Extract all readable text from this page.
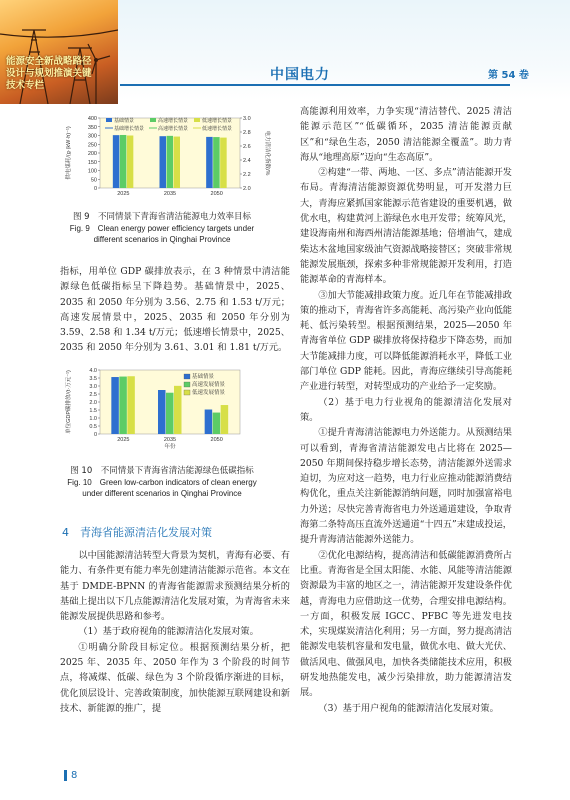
能源安全新战略路径
设计与规划推演关键
技术专栏
中国电力	第 54 卷
0
50
100
150
200
250
300
350
400
供电煤耗/(g·(kW·h)⁻¹)
2025	2035	2050
2.0
2.2
2.4
2.6
2.8
3.0
电力清洁化指数/%
基础情景	高速增长情景	低速增长情景
基础增长情景	高速增长情景	低速增长情景
图 9　不同情景下青海省清洁能源电力效率目标
Fig. 9　Clean energy power efficiency targets under
different scenarios in Qinghai Province

指标，用单位 GDP 碳排放表示，在 3 种情景中清洁能源绿色低碳指标呈下降趋势。基础情景中，2025、2035 和 2050 年分别为 3.56、2.75 和 1.53 t/万元；高速发展情景中，2025、2035 和 2050 年分别为 3.59、2.58 和 1.34 t/万元；低速增长情景中，2025、2035 和 2050 年分别为 3.61、3.01 和 1.81 t/万元。

0
0.5
1.0
1.5
2.0
2.5
3.0
3.5
4.0
单位GDP碳排放/(t·万元⁻¹)
2025	2035	2050
年份
基础情景
高速发展情景
低速发展情景
图 10　不同情景下青海省清洁能源绿色低碳指标
Fig. 10　Green low-carbon indicators of clean energy
under different scenarios in Qinghai Province
4　青海省能源清洁化发展对策

以中国能源清洁转型大背景为契机，青海有必要、有能力、有条件更有能力率先创建清洁能源示范省。本文在基于 DMDE-BPNN 的青海省能源需求预测结果分析的基础上提出以下几点能源清洁化发展对策，为青海省未来能源发展提供思路和参考。

（1）基于政府视角的能源清洁化发展对策。

①明确分阶段目标定位。根据预测结果分析，把 2025 年、2035 年、2050 年作为 3 个阶段的时间节点，将减煤、低碳、绿色为 3 个阶段循序渐进的目标，优化顶层设计、完善政策制度，加快能源互联网建设和新技术、新能源的推广，提

高能源利用效率，力争实现“清洁替代、2025 清洁能源示范区”“低碳循环，2035 清洁能源贡献区”和“绿色生态，2050 清洁能源全覆盖”。助力青海从“地理高原”迈向“生态高原”。

②构建“一带、两地、一区、多点”清洁能源开发布局。青海清洁能源资源优势明显，可开发潜力巨大，青海应紧抓国家能源示范省建设的重要机遇，做优水电，构建黄河上游绿色水电开发带；统筹风光，建设海南州和海西州清洁能源基地；倍增油气，建成柴达木盆地国家级油气资源战略接替区；突破非常规能源发展瓶颈，探索多种非常规能源开发利用，打造能源革命的青海样本。

③加大节能减排政策力度。近几年在节能减排政策的推动下，青海省许多高能耗、高污染产业向低能耗、低污染转型。根据预测结果，2025—2050 年青海省单位 GDP 碳排放将保持稳步下降态势，而加大节能减排力度，可以降低能源消耗水平，降低工业部门单位 GDP 能耗。因此，青海应继续引导高能耗产业进行转型，对转型成功的产业给予一定奖励。

（2）基于电力行业视角的能源清洁化发展对策。

①提升青海清洁能源电力外送能力。从预测结果可以看到，青海省清洁能源发电占比将在 2025—2050 年期间保持稳步增长态势，清洁能源外送需求迫切，为应对这一趋势，电力行业应推动能源消费结构优化，重点关注新能源消纳问题，同时加强富裕电力外送；尽快完善青海省电力外送通道建设，争取青海第二条特高压直流外送通道“十四五”末建成投运，提升青海清洁能源外送能力。

②优化电源结构，提高清洁和低碳能源消费所占比重。青海省是全国太阳能、水能、风能等清洁能源资源最为丰富的地区之一，清洁能源开发建设条件优越，青海电力应借助这一优势，合理安排电源结构。一方面，积极发展 IGCC、PFBC 等先进发电技术，实现煤炭清洁化利用；另一方面，努力提高清洁能源发电装机容量和发电量，做优水电、做大光伏、做活风电、做强风电，加快各类储能技术应用，积极研发地热能发电，减少污染排放，助力能源清洁发展。

（3）基于用户视角的能源清洁化发展对策。

8
